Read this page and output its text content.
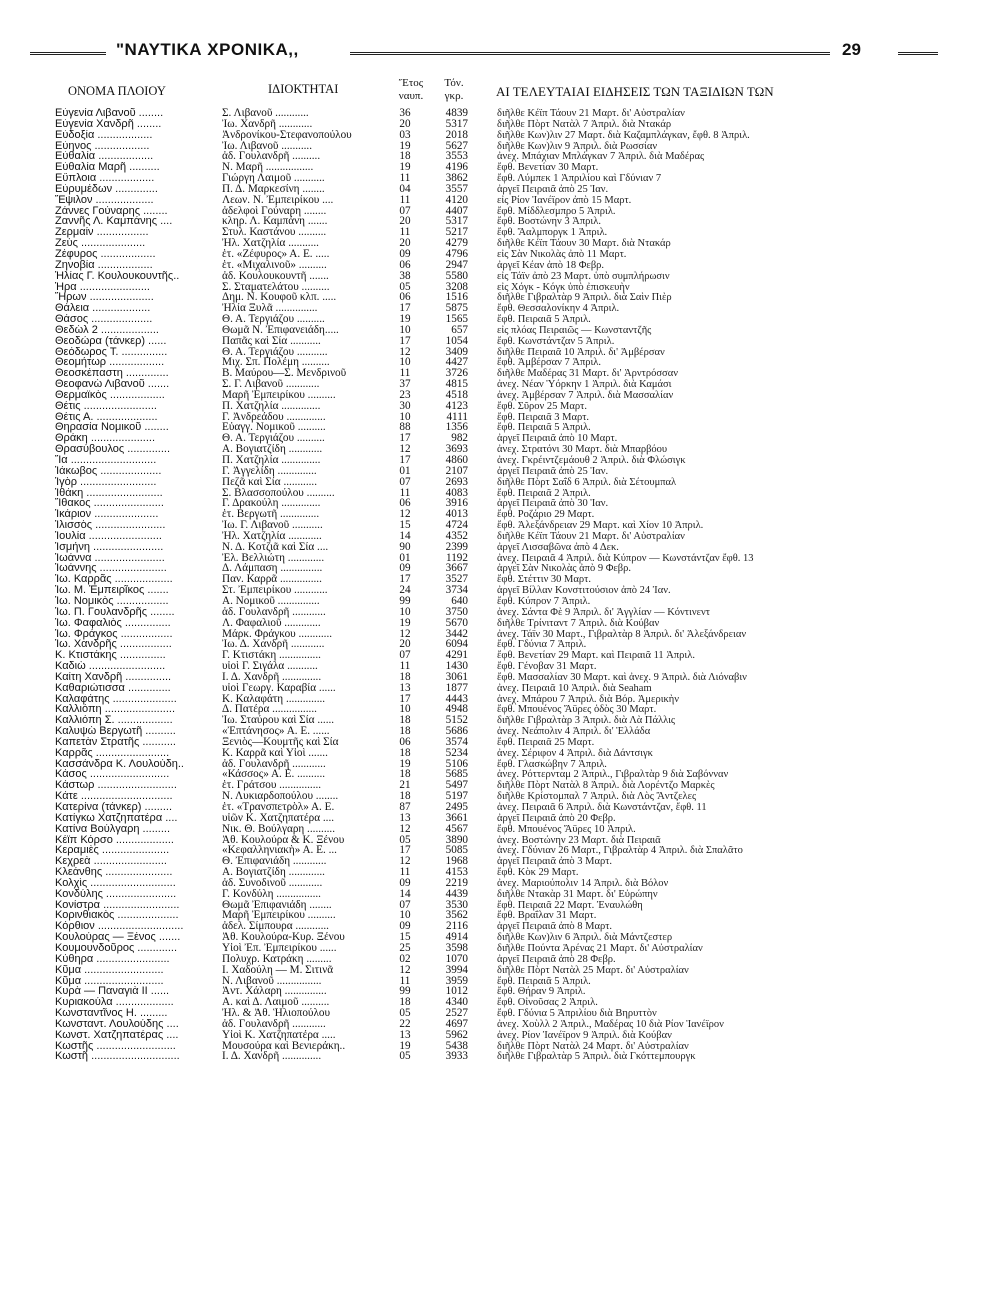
"ΝΑΥΤΙΚΑ ΧΡΟΝΙΚΑ,,	29
ΟΝΟΜΑ ΠΛΟΙΟΥ	ΙΔΙΟΚΤΗΤΑΙ	Ἔτος ναυπ.
Τόν. γκρ.	ΑΙ ΤΕΛΕΥΤΑΙΑΙ ΕΙΔΗΣΕΙΣ ΤΩΝ ΤΑΞΙΔΙΩΝ ΤΩΝ
Εὐγενία Λιβανοῦ ........	Σ. Λιβανοῦ ............	36	4839	διῆλθε Κέϊπ Τάουν 21 Μαρτ. δι' Αὐστραλίαν
Εὐγενία Χανδρῆ ........	Ἰω. Χανδρῆ ............	20	5317	διῆλθε Πὸρτ Νατὰλ 7 Ἀπριλ. διὰ Ντακάρ
Εὐδοξία ..................	Ἀνδρονίκου-Στεφανοπούλου	03	2018	διῆλθε Κων)λιν 27 Μαρτ. διὰ Καζαμπλάγκαν, ἔφθ. 8 Ἀπριλ.
Εὐηνος ..................	Ἰω. Λιβανοῦ ...........	19	5627	διῆλθε Κων)λιν 9 Ἀπριλ. διὰ Ρωσσίαν
Εὐθαλία ..................	ἀδ. Γουλανδρῆ ..........	18	3553	ἀνεχ. Μπάχιαν Μπλάγκαν 7 Ἀπριλ. διὰ Μαδέρας
Εὐθαλία Μαρῆ ..........	Ν. Μαρῆ .................	19	4196	ἔφθ. Βενετίαν 30 Μαρτ.
Εὔπλοια ..................	Γιώργη Λαιμοῦ ...........	11	3862	ἔφθ. Λύμπεκ 1 Ἀπριλίου καὶ Γδύνιαν 7
Εὐρυμέδων ..............	Π. Δ. Μαρκεσίνη ........	04	3557	ἀργεῖ Πειραιᾶ ἀπὸ 25 Ἰαν.
Ἔψιλον ...................	Λεων. Ν. Ἐμπειρίκου ....	11	4120	εἰς Ρίον Ἰανέϊρον ἀπὸ 15 Μαρτ.
Ζάννες Γούναρης ........	ἀδελφοὶ Γούναρη ........	07	4407	ἔφθ. Μίδδλεσμπρο 5 Ἀπριλ.
Ζαννῆς Λ. Καμπάνης ....	κληρ. Λ. Καμπάνη .......	20	5317	ἔφθ. Βοστώνην 3 Ἀπριλ.
Ζερμαίν .................	Στυλ. Καστάνου ..........	11	5217	ἔφθ. Ἄαλμποργκ 1 Ἀπριλ.
Ζεὺς .....................	Ἠλ. Χατζηλία ...........	20	4279	διῆλθε Κέϊπ Τάουν 30 Μαρτ. διὰ Ντακάρ
Ζέφυρος ..................	ἑτ. «Ζέφυρος» Α. Ε. .....	09	4796	εἰς Σὰν Νικολὰς ἀπὸ 11 Μαρτ.
Ζηνοβία ..................	ἑτ. «Μιχαλινοῦ» ..........	06	2947	ἀργεῖ Κέαν ἀπὸ 18 Φεβρ.
Ἠλίας Γ. Κουλουκουντῆς..	ἀδ. Κουλουκουντῆ .......	38	5580	εἰς Τάϊν ἀπὸ 23 Μαρτ. ὑπὸ συμπλήρωσιν
Ἡρα .......................	Σ. Σταματελάτου ..........	05	3208	εἰς Χόγκ - Κόγκ ὑπὸ ἐπισκευὴν
Ἥρων .....................	Δημ. Ν. Κουφοῦ κλπ. .....	06	1516	διῆλθε Γιβραλτὰρ 9 Ἀπριλ. διὰ Σαὶν Πιὲρ
Θάλεια ...................	Ἠλία Ξυλᾶ ...............	17	5875	ἔφθ. Θεσσαλονίκην 4 Ἀπριλ.
Θάσος ....................	Θ. Α. Τεργιάζου ..........	19	1565	ἔφθ. Πειραιᾶ 5 Ἀπριλ.
Θεδὼλ 2 ...................	Θωμᾶ Ν. Ἐπιφανειάδη.....	10	657	εἰς πλόας Πειραιῶς — Κωνσταντζῆς
Θεοδώρα (τάνκερ) ......	Παπᾶς καὶ Σία ...........	17	1054	ἔφθ. Κωνστάντζαν 5 Ἀπριλ.
Θεόδωρος Τ. ...............	Θ. Α. Τεργιάζου ...........	12	3409	διῆλθε Πειραιᾶ 10 Ἀπριλ. δι' Ἀμβέρσαν
Θεομήτωρ ..................	Μιχ. Σπ. Πολέμη ..........	10	4427	ἔφθ. Ἀμβέρσαν 7 Ἀπριλ.
Θεοσκέπαστη ..............	Β. Μαύρου—Σ. Μενδρινοῦ	11	3726	διῆλθε Μαδέρας 31 Μαρτ. δι' Ἀρντρόσσαν
Θεοφανὼ Λιβανοῦ .......	Σ. Γ. Λιβανοῦ ............	37	4815	ἀνεχ. Νέαν Ὑόρκην 1 Ἀπριλ. διὰ Καμάσι
Θερμαϊκὸς ..................	Μαρῆ Ἐμπειρίκου ..........	23	4518	ἀνεχ. Ἀμβέρσαν 7 Ἀπριλ. διὰ Μασσαλίαν
Θέτις ........................	Π. Χατζηλία ..............	30	4123	ἔφθ. Σῦρον 25 Μαρτ.
Θέτις Α. ....................	Γ. Ἀνδρεάδου ..............	10	4111	ἔφθ. Πειραιᾶ 3 Μαρτ.
Θηρασία Νομικοῦ ........	Εὐαγγ. Νομικοῦ ..........	88	1356	ἔφθ. Πειραιᾶ 5 Ἀπριλ.
Θράκη .....................	Θ. Α. Τεργιάζου ..........	17	982	ἀργεῖ Πειραιᾶ ἀπὸ 10 Μαρτ.
Θρασύβουλος ..............	Α. Βογιατζίδη ............	12	3693	ἀνεχ. Στρατόνι 30 Μαρτ. διὰ Μπαρβόου
Ἴα ............................	Π. Χατζηλία ..............	17	4860	ἀνεχ. Γκρέιντζεμάουθ 2 Ἀπριλ. διὰ Φλώσιγκ
Ἰάκωβος ....................	Γ. Ἀγγελίδη ..............	01	2107	ἀργεῖ Πειραιᾶ ἀπὸ 25 Ἰαν.
Ἰγὸρ .........................	Πεζᾶ καὶ Σία ............	07	2693	διῆλθε Πὸρτ Σαΐδ 6 Ἀπριλ. διὰ Σέτουμπαλ
Ἰθάκη .........................	Σ. Βλασσοπούλου ..........	11	4083	ἔφθ. Πειραιᾶ 2 Ἀπριλ.
Ἴθακος .......................	Γ. Δρακούλη ..............	06	3916	ἀργεῖ Πειραιᾶ ἀπὸ 30 Ἰαν.
Ἰκάριον .....................	ἑτ. Βεργωτῆ ..............	12	4013	ἔφθ. Ροζάριο 29 Μαρτ.
Ἰλισσὸς .......................	Ἰω. Γ. Λιβανοῦ ...........	15	4724	ἔφθ. Ἀλεξάνδρειαν 29 Μαρτ. καὶ Χίον 10 Ἀπριλ.
Ἰουλία ........................	Ἠλ. Χατζηλία ............	14	4352	διῆλθε Κέϊπ Τάουν 21 Μαρτ. δι' Αὐστραλίαν
Ἰσμήνη .......................	Ν. Δ. Κοτζιᾶ καὶ Σία ....	90	2399	ἀργεῖ Λισσαβῶνα ἀπὸ 4 Δεκ.
Ἰωάννα .......................	Ἐλ. Βελλιώτη .............	01	1192	ἀνεχ. Πειραιᾶ 4 Ἀπριλ. διὰ Κύπρον — Κωνστάντζαν ἔφθ. 13
Ἰωάννης ......................	Δ. Λάμπαση ...............	09	3667	ἀργεῖ Σὰν Νικολὰς ἀπὸ 9 Φεβρ.
Ἰω. Καρρᾶς ...................	Παν. Καρρᾶ ...............	17	3527	ἔφθ. Στέττιν 30 Μαρτ.
Ἰω. Μ. Ἐμπειρῖκος .......	Στ. Ἐμπειρίκου ............	24	3734	ἀργεῖ Βίλλαν Κονστιτούσιον ἀπὸ 24 Ἰαν.
Ἰω. Νομικὸς .................	Α. Νομικοῦ ...............	99	640	ἔφθ. Κύπρον 7 Ἀπριλ.
Ἰω. Π. Γουλανδρῆς ........	ἀδ. Γουλανδρῆ ............	10	3750	ἀνεχ. Σάντα Φὲ 9 Ἀπριλ. δι' Ἀγγλίαν — Κόντινεντ
Ἰω. Φαφαλιὸς ...............	Λ. Φαφαλιοῦ .............	19	5670	διῆλθε Τρίνιταντ 7 Ἀπριλ. διὰ Κούβαν
Ἰω. Φράγκος .................	Μάρκ. Φράγκου ............	12	3442	ἀνεχ. Τάϊν 30 Μαρτ., Γιβραλτὰρ 8 Ἀπριλ. δι' Ἀλεξάνδρειαν
Ἰω. Χανδρῆς .................	Ἰω. Δ. Χανδρῆ ............	20	6094	ἔφθ. Γδύνια 7 Ἀπριλ.
Κ. Κτιστάκης ...............	Γ. Κτιστάκη ...............	07	4291	ἔφθ. Βενετίαν 29 Μαρτ. καὶ Πειραιᾶ 11 Ἀπριλ.
Καδιὼ .........................	υἱοὶ Γ. Σιγάλα ...........	11	1430	ἔφθ. Γένοβαν 31 Μαρτ.
Καίτη Χανδρῆ ...............	Ι. Δ. Χανδρῆ ..............	18	3061	ἔφθ. Μασσαλίαν 30 Μαρτ. καὶ ἀνεχ. 9 Ἀπριλ. διὰ Λιόναβιν
Καθαριώτισσα ..............	υἱοὶ Γεωργ. Καραβία ......	13	1877	ἀνεχ. Πειραιᾶ 10 Ἀπριλ. διὰ Seaham
Καλαφάτης .....................	Κ. Καλαφάτη ..............	17	4443	ἀνεχ. Μπάρου 7 Ἀπριλ. διὰ Βόρ. Ἀμερικὴν
Καλλιόπη .......................	Δ. Πατέρα ................	10	4948	ἔφθ. Μπουένος Ἄϋρες ὁδὸς 30 Μαρτ.
Καλλιόπη Σ. ..................	Ἰω. Σταύρου καὶ Σία ......	18	5152	διῆλθε Γιβραλτὰρ 3 Ἀπριλ. διὰ Λὰ Πάλλις
Καλυψὼ Βεργωτῆ ..........	«Ἐπτάνησος» Α. Ε. ......	18	5686	ἀνεχ. Νεάπολιν 4 Ἀπριλ. δι' Ἑλλάδα
Καπετὰν Στρατῆς ...........	Ξενιὸς—Κουμτῆς καὶ Σία	06	3574	ἔφθ. Πειραιᾶ 25 Μαρτ.
Καρρᾶς ........................	Κ. Καρρᾶ καὶ Υἱοὶ .......	18	5234	ἀνεχ. Σέριφον 4 Ἀπριλ. διὰ Δάντσιγκ
Κασσάνδρα Κ. Λουλούδη..	ἀδ. Γουλανδρῆ ............	19	5106	ἔφθ. Γλασκώβην 7 Ἀπριλ.
Κάσος ..........................	«Κάσσος» Α. Ε. ..........	18	5685	ἀνεχ. Ρόττερνταμ 2 Ἀπριλ., Γιβραλτὰρ 9 διὰ Σαβόνναν
Κάστωρ ..........................	ἑτ. Γράτσου ...............	21	5497	διῆλθε Πὸρτ Νατὰλ 8 Ἀπριλ. διὰ Λορέντζο Μαρκὲς
Κάτε ..............................	Ν. Λυκιαρδοπούλου ........	18	5197	διῆλθε Κρίστομπαλ 7 Ἀπριλ. διὰ Λὸς Ἄντζελες
Κατερίνα (τάνκερ) .........	ἑτ. «Τρανσπετρὸλ» Α. Ε.	87	2495	ἀνεχ. Πειραιᾶ 6 Ἀπριλ. διὰ Κωνστάντζαν, ἔφθ. 11
Κατίγκω Χατζηπατέρα ....	υἱῶν Κ. Χατζηπατέρα ....	13	3661	ἀργεῖ Πειραιᾶ ἀπὸ 20 Φεβρ.
Κατίνα Βούλγαρη .........	Νικ. Θ. Βούλγαρη ..........	12	4567	ἔφθ. Μπουένος Ἄϋρες 10 Ἀπριλ.
Κέϊπ Κόρσο ...................	Ἀθ. Κουλούρα & Κ. Ξένου	05	3890	ἀνεχ. Βοστώνην 23 Μαρτ. διὰ Πειραιᾶ
Κεραμιὲς ......................	«Κεφαλληνιακὴ» Α. Ε. ...	17	5085	ἀνεχ. Γδύνιαν 26 Μαρτ., Γιβραλτὰρ 4 Ἀπριλ. διὰ Σπαλᾶτο
Κεχρεὰ ........................	Θ. Ἐπιφανιάδη ............	12	1968	ἀργεῖ Πειραιᾶ ἀπὸ 3 Μαρτ.
Κλεάνθης ......................	Α. Βογιατζίδη .............	11	4153	ἔφθ. Κὸκ 29 Μαρτ.
Κολχὶς ............................	ἀδ. Συνοδινοῦ ............	09	2219	ἀνεχ. Μαριούπολιν 14 Ἀπριλ. διὰ Βόλον
Κονδύλης .......................	Γ. Κονδύλη ................	14	4439	διῆλθε Ντακὰρ 31 Μαρτ. δι' Εὐρώπην
Κονίστρα .........................	Θωμᾶ Ἐπιφανιάδη ........	07	3530	ἔφθ. Πειραιᾶ 22 Μαρτ. Ἐναυλώθη
Κορινθιακὸς ....................	Μαρῆ Ἐμπειρίκου ..........	10	3562	ἔφθ. Βραΐλαν 31 Μαρτ.
Κόρθιον ............................	ἀδελ. Σίμπουρα ............	09	2116	ἀργεῖ Πειραιᾶ ἀπὸ 8 Μαρτ.
Κουλούρας — Ξένος .......	Ἀθ. Κουλούρα-Κυρ. Ξένου	15	4914	διῆλθε Κων)λιν 6 Ἀπριλ. διὰ Μάντζεστερ
Κουμουνδοῦρος .............	Υἱοὶ Ἐπ. Ἐμπειρίκου ......	25	3598	διῆλθε Πούντα Ἀρένας 21 Μαρτ. δι' Αὐστραλίαν
Κύθηρα ........................	Πολυχρ. Κατράκη .........	02	1070	ἀργεῖ Πειραιᾶ ἀπὸ 28 Φεβρ.
Κῦμα ..........................	Ι. Χαδούλη — Μ. Σιτινᾶ	12	3994	διῆλθε Πὸρτ Νατὰλ 25 Μαρτ. δι' Αὐστραλίαν
Κῦμα ..........................	Ν. Λιβανοῦ ................	11	3959	ἔφθ. Πειραιᾶ 5 Ἀπριλ.
Κυρὰ — Παναγιὰ ΙΙ ......	Ἀντ. Χάλαρη ...............	99	1012	ἔφθ. Θήραν 9 Ἀπριλ.
Κυριακούλα ...................	Α. καὶ Δ. Λαιμοῦ ..........	18	4340	ἔφθ. Οἰνοῦσας 2 Ἀπριλ.
Κωνσταντῖνος Η. .........	Ἠλ. & Ἀθ. Ἡλιοπούλου	05	2527	ἔφθ. Γδύνια 5 Ἀπριλίου διὰ Βηρυττὸν
Κωνσταντ. Λουλούδης ....	ἀδ. Γουλανδρῆ ............	22	4697	ἀνεχ. Χοὺλλ 2 Ἀπριλ., Μαδέρας 10 διὰ Ρίον Ἰανέϊρον
Κωνστ. Χατζηπατέρας ....	Υἱοὶ Κ. Χατζηπατέρα .....	13	5962	ἀνεχ. Ρίον Ἰανέϊρον 9 Ἀπριλ. διὰ Κούβαν
Κωστῆς ..........................	Μουσούρα καὶ Βενιεράκη..	19	5438	διῆλθε Πὸρτ Νατὰλ 24 Μαρτ. δι' Αὐστραλίαν
Κωστῆ .............................	Ι. Δ. Χανδρῆ ..............	05	3933	διῆλθε Γιβραλτὰρ 5 Ἀπριλ. διὰ Γκόττεμπουργκ
